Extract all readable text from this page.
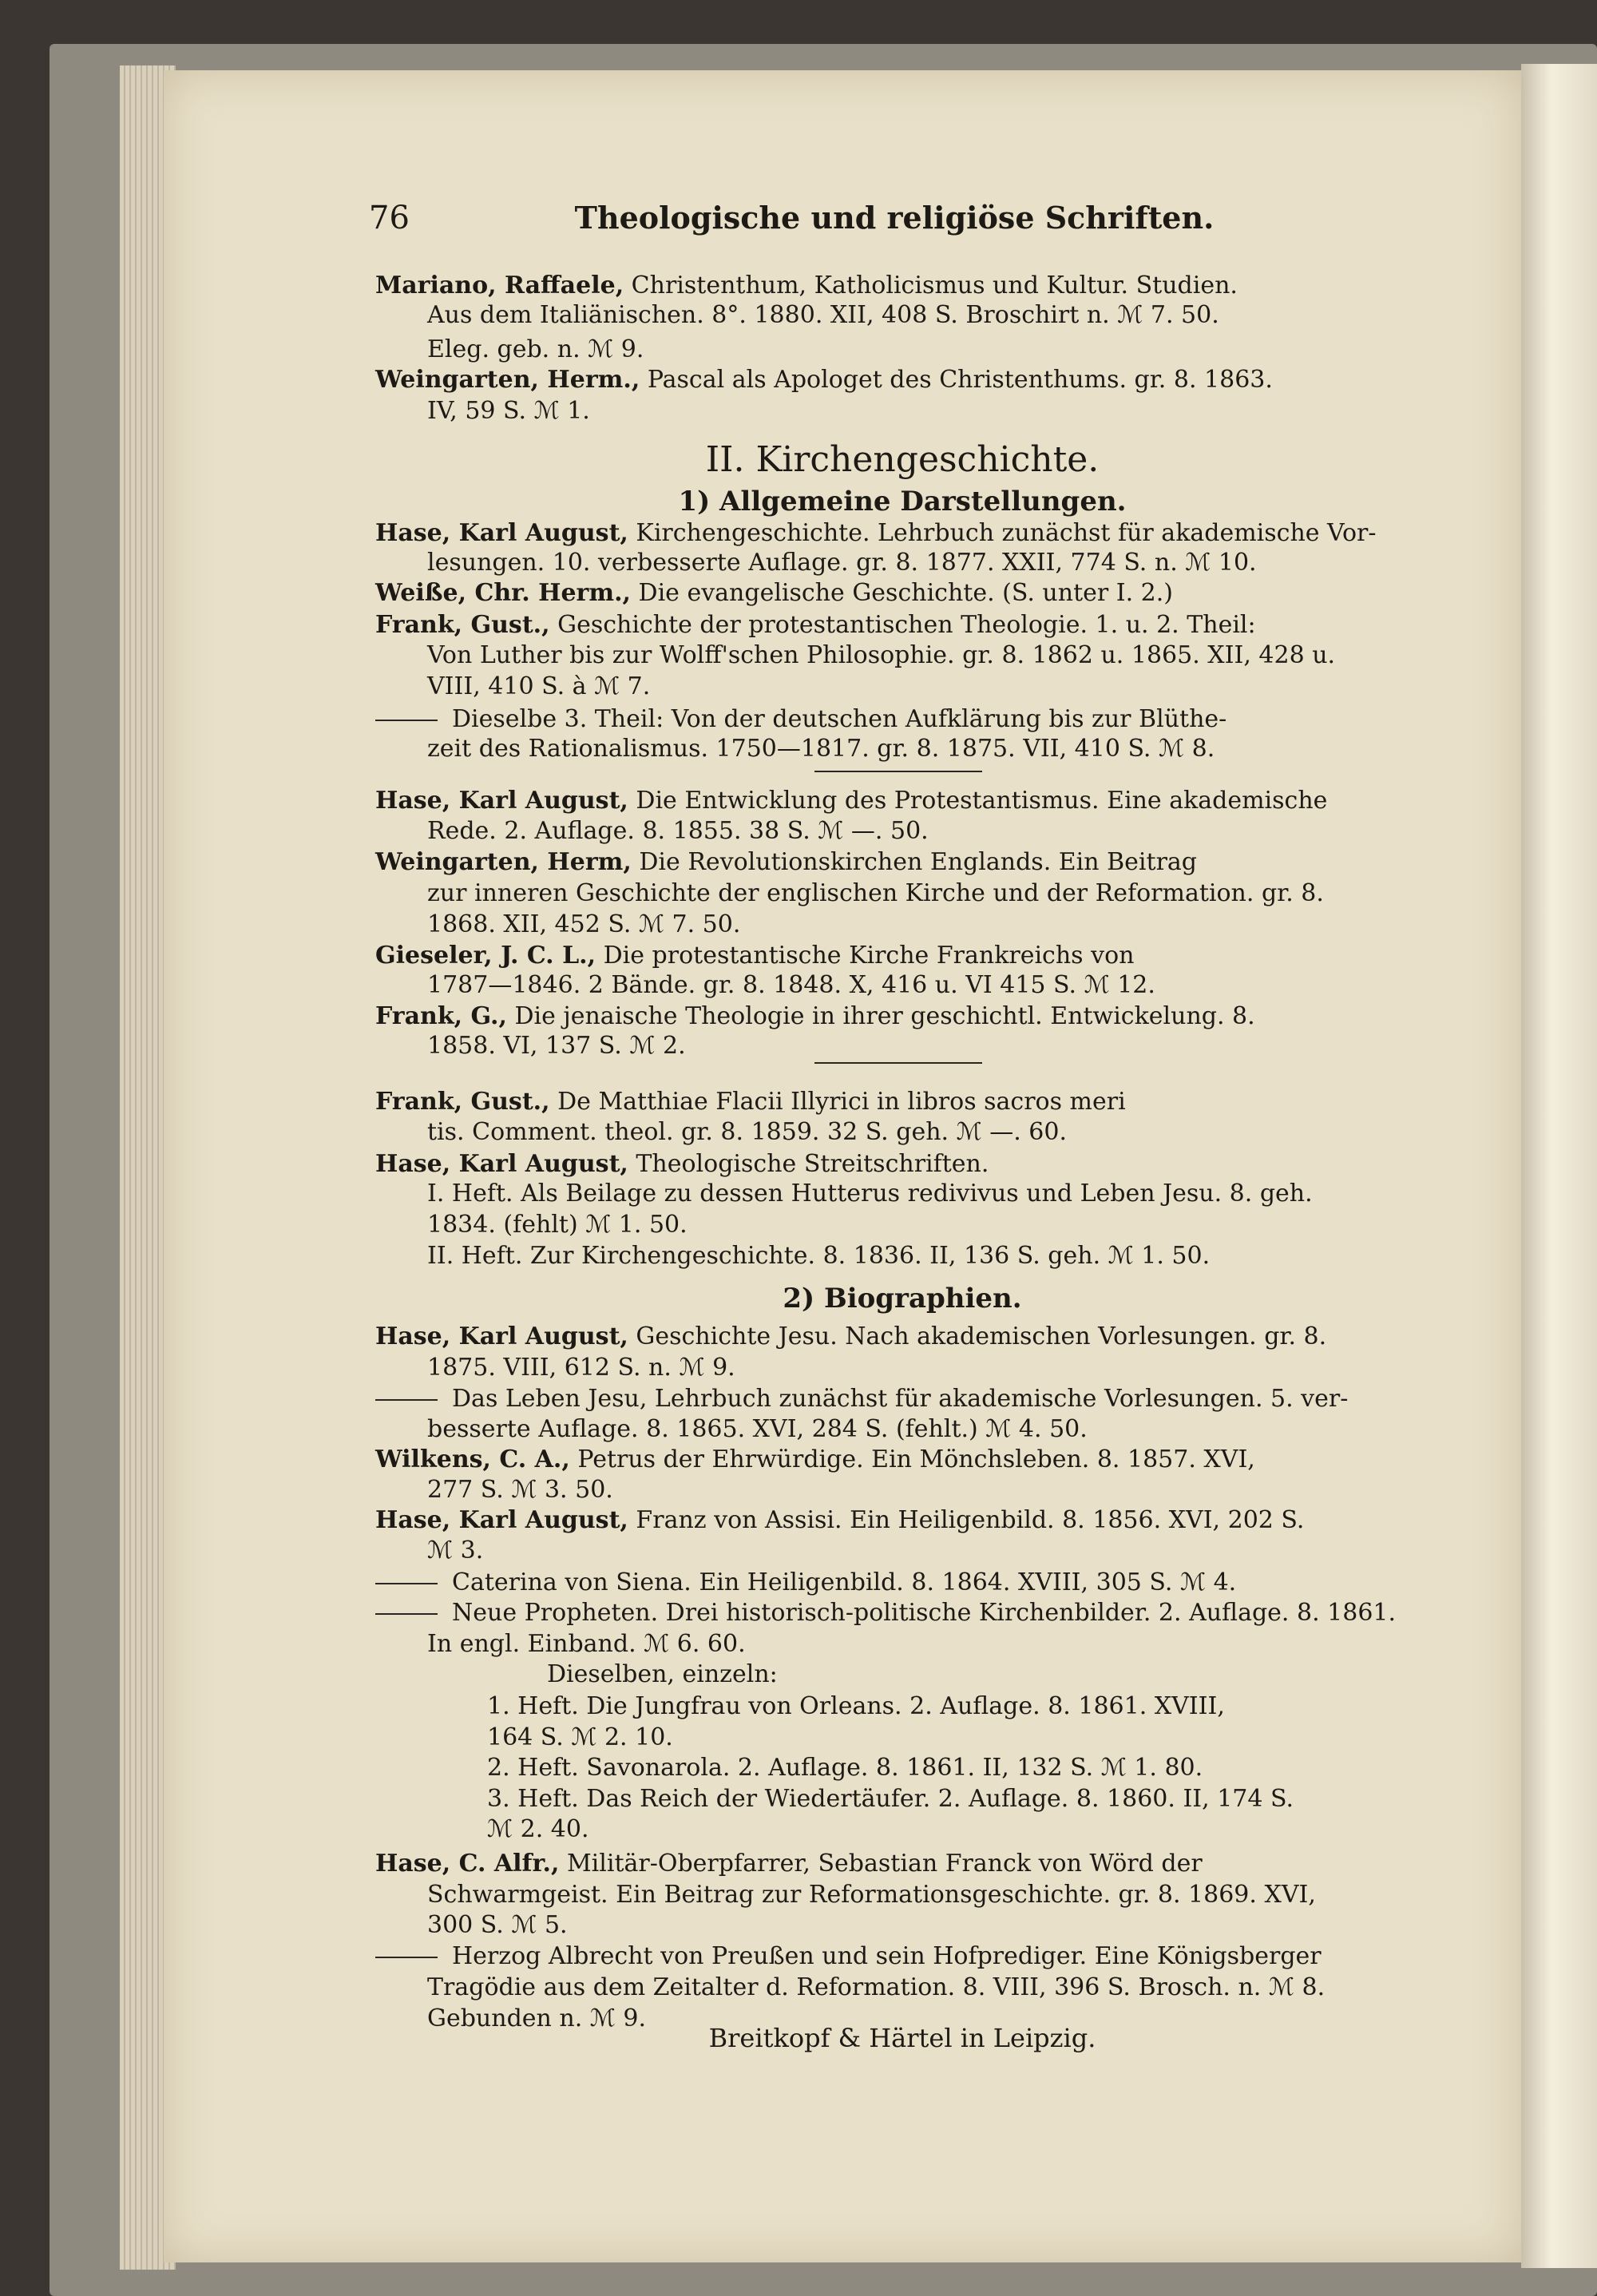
76	Theologische und religiöse Schriften.
Mariano, Raffaele, Christenthum, Katholicismus und Kultur. Studien.
Aus dem Italiänischen. 8°. 1880. XII, 408 S. Broschirt n. ℳ 7. 50.
Eleg. geb. n. ℳ 9.
Weingarten, Herm., Pascal als Apologet des Christenthums. gr. 8. 1863.
IV, 59 S. ℳ 1.
1) Allgemeine Darstellungen.
Hase, Karl August, Kirchengeschichte. Lehrbuch zunächst für akademische Vor-
lesungen. 10. verbesserte Auflage. gr. 8. 1877. XXII, 774 S. n. ℳ 10.
Weiße, Chr. Herm., Die evangelische Geschichte. (S. unter I. 2.)
Frank, Gust., Geschichte der protestantischen Theologie. 1. u. 2. Theil:
Von Luther bis zur Wolff'schen Philosophie. gr. 8. 1862 u. 1865. XII, 428 u.
VIII, 410 S. à ℳ 7.
Dieselbe 3. Theil: Von der deutschen Aufklärung bis zur Blüthe-
zeit des Rationalismus. 1750—1817. gr. 8. 1875. VII, 410 S. ℳ 8.
Hase, Karl August, Die Entwicklung des Protestantismus. Eine akademische
Rede. 2. Auflage. 8. 1855. 38 S. ℳ —. 50.
Weingarten, Herm, Die Revolutionskirchen Englands. Ein Beitrag
zur inneren Geschichte der englischen Kirche und der Reformation. gr. 8.
1868. XII, 452 S. ℳ 7. 50.
Gieseler, J. C. L., Die protestantische Kirche Frankreichs von
1787—1846. 2 Bände. gr. 8. 1848. X, 416 u. VI 415 S. ℳ 12.
Frank, G., Die jenaische Theologie in ihrer geschichtl. Entwickelung. 8.
1858. VI, 137 S. ℳ 2.
Frank, Gust., De Matthiae Flacii Illyrici in libros sacros meri
tis. Comment. theol. gr. 8. 1859. 32 S. geh. ℳ —. 60.
Hase, Karl August, Theologische Streitschriften.
I. Heft. Als Beilage zu dessen Hutterus redivivus und Leben Jesu. 8. geh.
1834. (fehlt) ℳ 1. 50.
II. Heft. Zur Kirchengeschichte. 8. 1836. II, 136 S. geh. ℳ 1. 50.
2) Biographien.
Hase, Karl August, Geschichte Jesu. Nach akademischen Vorlesungen. gr. 8.
1875. VIII, 612 S. n. ℳ 9.
Das Leben Jesu, Lehrbuch zunächst für akademische Vorlesungen. 5. ver-
besserte Auflage. 8. 1865. XVI, 284 S. (fehlt.) ℳ 4. 50.
Wilkens, C. A., Petrus der Ehrwürdige. Ein Mönchsleben. 8. 1857. XVI,
277 S. ℳ 3. 50.
Hase, Karl August, Franz von Assisi. Ein Heiligenbild. 8. 1856. XVI, 202 S.
ℳ 3.
Caterina von Siena. Ein Heiligenbild. 8. 1864. XVIII, 305 S. ℳ 4.
Neue Propheten. Drei historisch-politische Kirchenbilder. 2. Auflage. 8. 1861.
In engl. Einband. ℳ 6. 60.
Dieselben, einzeln:
1. Heft. Die Jungfrau von Orleans. 2. Auflage. 8. 1861. XVIII,
164 S. ℳ 2. 10.
2. Heft. Savonarola. 2. Auflage. 8. 1861. II, 132 S. ℳ 1. 80.
3. Heft. Das Reich der Wiedertäufer. 2. Auflage. 8. 1860. II, 174 S.
ℳ 2. 40.
Hase, C. Alfr., Militär-Oberpfarrer, Sebastian Franck von Wörd der
Schwarmgeist. Ein Beitrag zur Reformationsgeschichte. gr. 8. 1869. XVI,
300 S. ℳ 5.
Herzog Albrecht von Preußen und sein Hofprediger. Eine Königsberger
Tragödie aus dem Zeitalter d. Reformation. 8. VIII, 396 S. Brosch. n. ℳ 8.
Gebunden n. ℳ 9.
II. Kirchengeschichte.
Breitkopf & Härtel in Leipzig.
